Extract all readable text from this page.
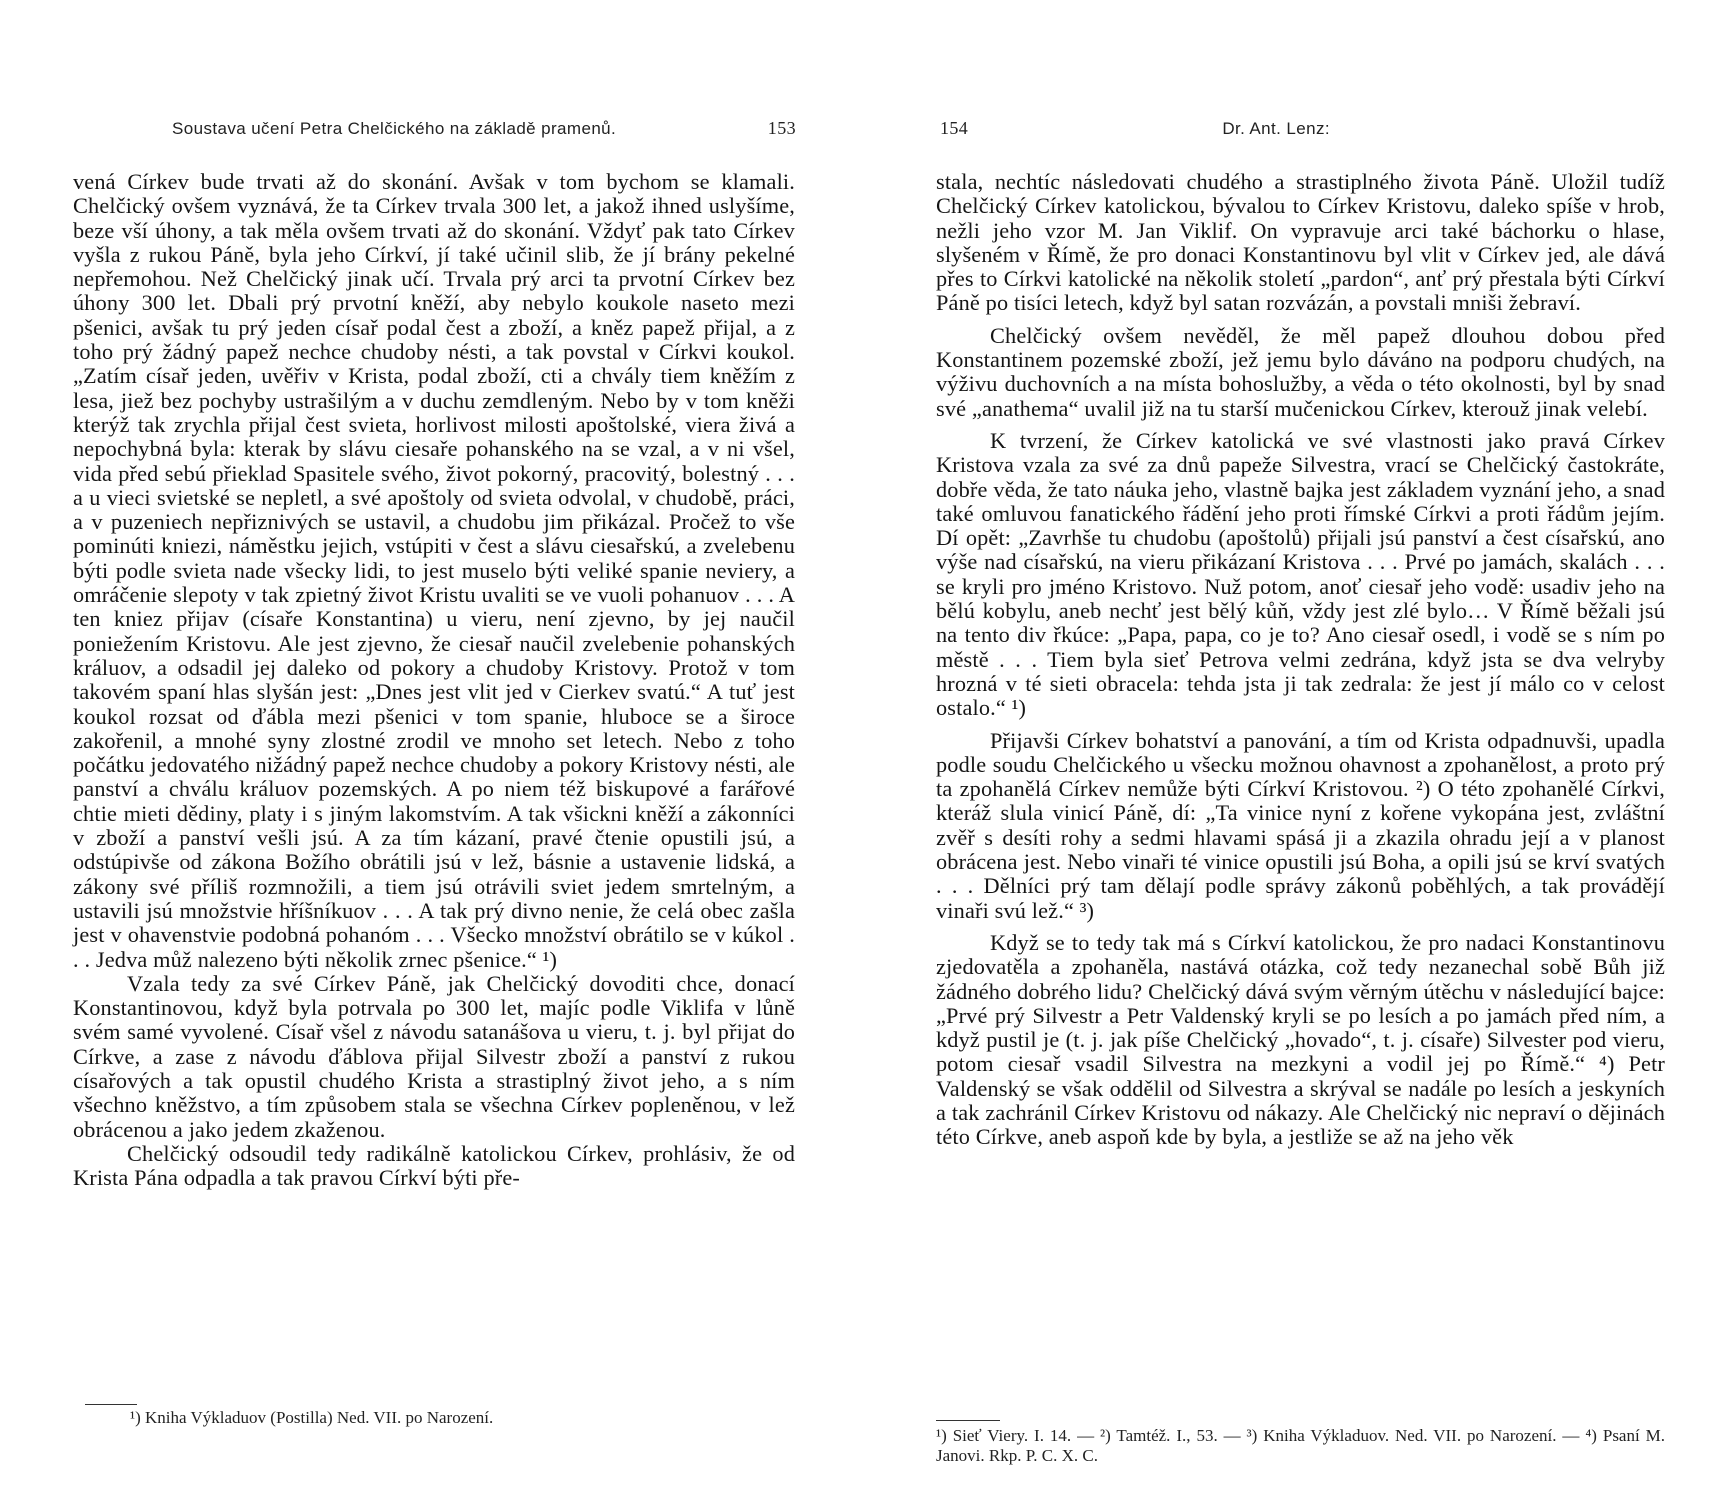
Soustava učení Petra Chelčického na základě pramenů.	153

vená Církev bude trvati až do skonání. Avšak v tom bychom se klamali. Chelčický ovšem vyznává, že ta Církev trvala 300 let, a jakož ihned uslyšíme, beze vší úhony, a tak měla ovšem trvati až do skonání. Vždyť pak tato Církev vyšla z rukou Páně, byla jeho Církví, jí také učinil slib, že jí brány pekelné nepřemohou. Než Chelčický jinak učí. Trvala prý arci ta prvotní Církev bez úhony 300 let. Dbali prý prvotní kněží, aby nebylo koukole naseto mezi pšenici, avšak tu prý jeden císař podal čest a zboží, a kněz papež přijal, a z toho prý žádný papež nechce chudoby nésti, a tak povstal v Církvi koukol. „Zatím císař jeden, uvěřiv v Krista, podal zboží, cti a chvály tiem kněžím z lesa, jiež bez pochyby ustrašilým a v duchu zemdleným. Nebo by v tom kněži kterýž tak zrychla přijal čest svieta, horlivost milosti apoštolské, viera živá a nepochybná byla: kterak by slávu ciesaře pohanského na se vzal, a v ni všel, vida před sebú přieklad Spasitele svého, život pokorný, pracovitý, bolestný . . . a u vieci svietské se nepletl, a své apoštoly od svieta odvolal, v chudobě, práci, a v puzeniech nepřiznivých se ustavil, a chudobu jim přikázal. Pročež to vše pominúti kniezi, náměstku jejich, vstúpiti v čest a slávu ciesařskú, a zvelebenu býti podle svieta nade všecky lidi, to jest muselo býti veliké spanie neviery, a omráčenie slepoty v tak zpietný život Kristu uvaliti se ve vuoli pohanuov . . . A ten kniez přijav (císaře Konstantina) u vieru, není zjevno, by jej naučil poniežením Kristovu. Ale jest zjevno, že ciesař naučil zvelebenie pohanských králuov, a odsadil jej daleko od pokory a chudoby Kristovy. Protož v tom takovém spaní hlas slyšán jest: „Dnes jest vlit jed v Cierkev svatú.“ A tuť jest koukol rozsat od ďábla mezi pšenici v tom spanie, hluboce se a široce zakořenil, a mnohé syny zlostné zrodil ve mnoho set letech. Nebo z toho počátku jedovatého nižádný papež nechce chudoby a pokory Kristovy nésti, ale panství a chválu králuov pozemských. A po niem též biskupové a farářové chtie mieti dědiny, platy i s jiným lakomstvím. A tak všickni kněží a zákonníci v zboží a panství vešli jsú. A za tím kázaní, pravé čtenie opustili jsú, a odstúpivše od zákona Božího obrátili jsú v lež, básnie a ustavenie lidská, a zákony své příliš rozmnožili, a tiem jsú otrávili sviet jedem smrtelným, a ustavili jsú množstvie hříšníkuov . . . A tak prý divno nenie, že celá obec zašla jest v ohavenstvie podobná pohanóm . . . Všecko množství obrátilo se v kúkol . . . Jedva můž nalezeno býti několik zrnec pšenice.“ ¹)

Vzala tedy za své Církev Páně, jak Chelčický dovoditi chce, donací Konstantinovou, když byla potrvala po 300 let, majíc podle Viklifa v lůně svém samé vyvolené. Císař všel z návodu satanášova u vieru, t. j. byl přijat do Církve, a zase z návodu ďáblova přijal Silvestr zboží a panství z rukou císařových a tak opustil chudého Krista a strastiplný život jeho, a s ním všechno kněžstvo, a tím způsobem stala se všechna Církev popleněnou, v lež obrácenou a jako jedem zkaženou.

Chelčický odsoudil tedy radikálně katolickou Církev, prohlásiv, že od Krista Pána odpadla a tak pravou Církví býti pře-

¹) Kniha Výkladuov (Postilla) Ned. VII. po Narození.

154	Dr. Ant. Lenz:

stala, nechtíc následovati chudého a strastiplného života Páně. Uložil tudíž Chelčický Církev katolickou, bývalou to Církev Kristovu, daleko spíše v hrob, nežli jeho vzor M. Jan Viklif. On vypravuje arci také báchorku o hlase, slyšeném v Římě, že pro donaci Konstantinovu byl vlit v Církev jed, ale dává přes to Církvi katolické na několik století „pardon“, anť prý přestala býti Církví Páně po tisíci letech, když byl satan rozvázán, a povstali mniši žebraví.

Chelčický ovšem nevěděl, že měl papež dlouhou dobou před Konstantinem pozemské zboží, jež jemu bylo dáváno na podporu chudých, na výživu duchovních a na místa bohoslužby, a věda o této okolnosti, byl by snad své „anathema“ uvalil již na tu starší mučenickou Církev, kterouž jinak velebí.

K tvrzení, že Církev katolická ve své vlastnosti jako pravá Církev Kristova vzala za své za dnů papeže Silvestra, vrací se Chelčický častokráte, dobře věda, že tato náuka jeho, vlastně bajka jest základem vyznání jeho, a snad také omluvou fanatického řádění jeho proti římské Církvi a proti řádům jejím. Dí opět: „Zavrhše tu chudobu (apoštolů) přijali jsú panství a čest císařskú, ano výše nad císařskú, na vieru přikázaní Kristova . . . Prvé po jamách, skalách . . . se kryli pro jméno Kristovo. Nuž potom, anoť ciesař jeho vodě: usadiv jeho na bělú kobylu, aneb nechť jest bělý kůň, vždy jest zlé bylo… V Římě běžali jsú na tento div řkúce: „Papa, papa, co je to? Ano ciesař osedl, i vodě se s ním po městě . . . Tiem byla sieť Petrova velmi zedrána, když jsta se dva velryby hrozná v té sieti obracela: tehda jsta ji tak zedrala: že jest jí málo co v celost ostalo.“ ¹)

Přijavši Církev bohatství a panování, a tím od Krista odpadnuvši, upadla podle soudu Chelčického u všecku možnou ohavnost a zpohanělost, a proto prý ta zpohanělá Církev nemůže býti Církví Kristovou. ²) O této zpohanělé Církvi, kteráž slula vinicí Páně, dí: „Ta vinice nyní z kořene vykopána jest, zvláštní zvěř s desíti rohy a sedmi hlavami spásá ji a zkazila ohradu její a v planost obrácena jest. Nebo vinaři té vinice opustili jsú Boha, a opili jsú se krví svatých . . . Dělníci prý tam dělají podle správy zákonů poběhlých, a tak provádějí vinaři svú lež.“ ³)

Když se to tedy tak má s Církví katolickou, že pro nadaci Konstantinovu zjedovatěla a zpohaněla, nastává otázka, což tedy nezanechal sobě Bůh již žádného dobrého lidu? Chelčický dává svým věrným útěchu v následující bajce: „Prvé prý Silvestr a Petr Valdenský kryli se po lesích a po jamách před ním, a když pustil je (t. j. jak píše Chelčický „hovado“, t. j. císaře) Silvester pod vieru, potom ciesař vsadil Silvestra na mezkyni a vodil jej po Římě.“ ⁴) Petr Valdenský se však oddělil od Silvestra a skrýval se nadále po lesích a jeskyních a tak zachránil Církev Kristovu od nákazy. Ale Chelčický nic nepraví o dějinách této Církve, aneb aspoň kde by byla, a jestliže se až na jeho věk

¹) Sieť Viery. I. 14. — ²) Tamtéž. I., 53. — ³) Kniha Výkladuov. Ned. VII. po Narození. — ⁴) Psaní M. Janovi. Rkp. P. C. X. C.
